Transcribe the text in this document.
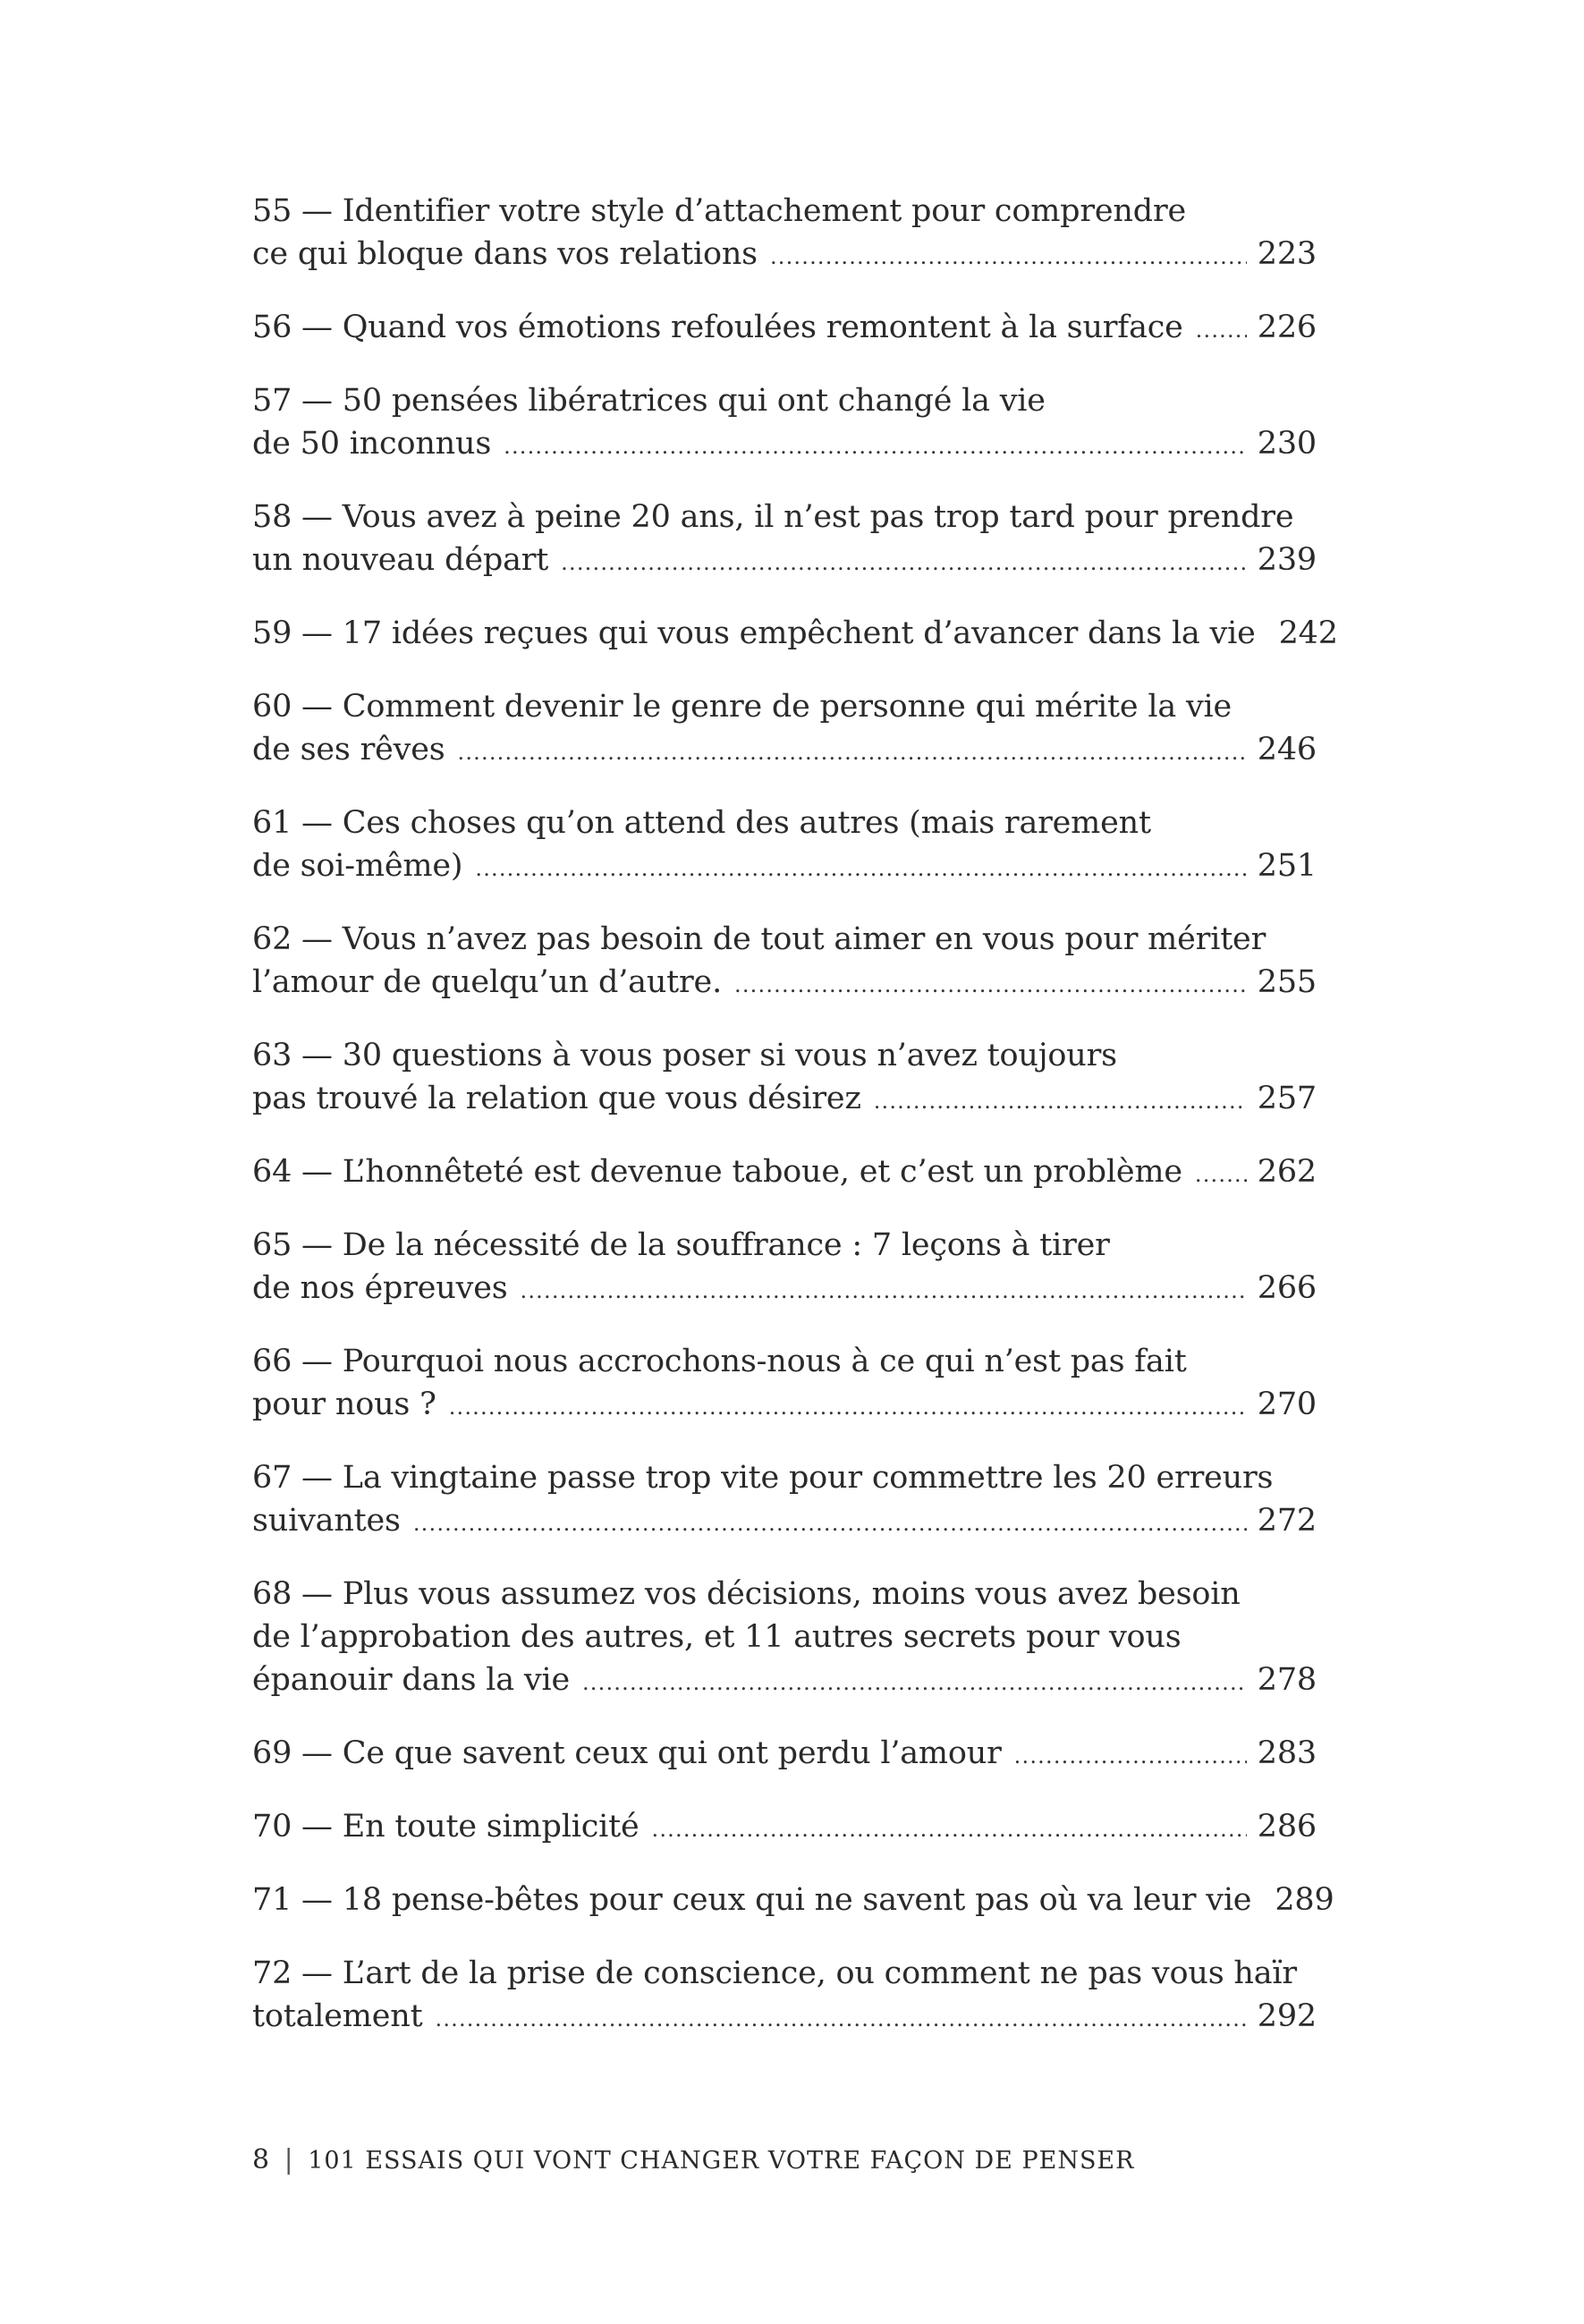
55 — Identifier votre style d’attachement pour comprendre
ce qui bloque dans vos relations .....	223
56 — Quand vos émotions refoulées remontent à la surface ..... 226
57 — 50 pensées libératrices qui ont changé la vie
de 50 inconnus .....	230
58 — Vous avez à peine 20 ans, il n’est pas trop tard pour prendre
un nouveau départ .....	239
59 — 17 idées reçues qui vous empêchent d’avancer dans la vie 242
60 — Comment devenir le genre de personne qui mérite la vie
de ses rêves .....	246
61 — Ces choses qu’on attend des autres (mais rarement
de soi-même) .....	251
62 — Vous n’avez pas besoin de tout aimer en vous pour mériter
l’amour de quelqu’un d’autre. .....	255
63 — 30 questions à vous poser si vous n’avez toujours
pas trouvé la relation que vous désirez .....	257
64 — L’honnêteté est devenue taboue, et c’est un problème ..... 262
65 — De la nécessité de la souffrance : 7 leçons à tirer
de nos épreuves .....	266
66 — Pourquoi nous accrochons-nous à ce qui n’est pas fait
pour nous ? .....	270
67 — La vingtaine passe trop vite pour commettre les 20 erreurs
suivantes .....	272
68 — Plus vous assumez vos décisions, moins vous avez besoin
de l’approbation des autres, et 11 autres secrets pour vous
épanouir dans la vie .....	278
69 — Ce que savent ceux qui ont perdu l’amour .....	283
70 — En toute simplicité .....	286
71 — 18 pense-bêtes pour ceux qui ne savent pas où va leur vie 289
72 — L’art de la prise de conscience, ou comment ne pas vous haïr
totalement .....	292
8 | 101 ESSAIS QUI VONT CHANGER VOTRE FAÇON DE PENSER
